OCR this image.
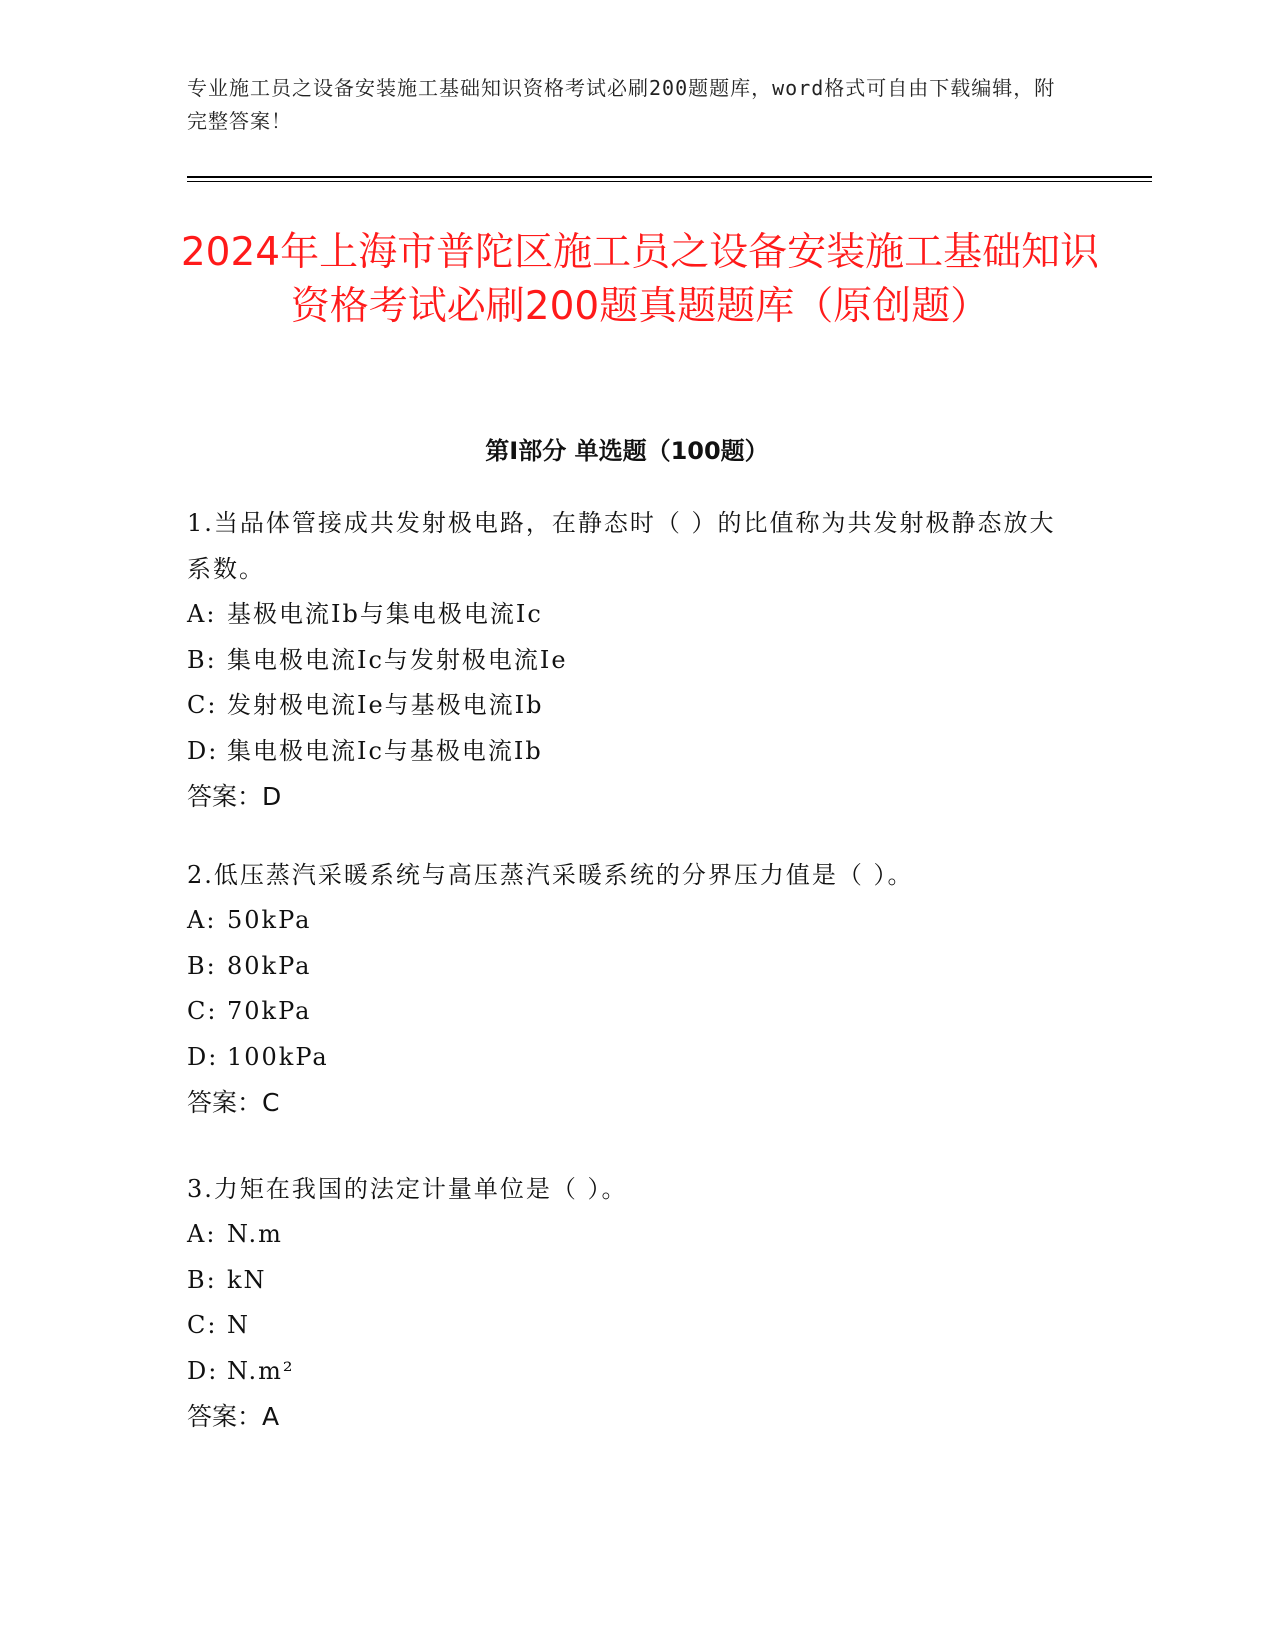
专业施工员之设备安装施工基础知识资格考试必刷200题题库，word格式可自由下载编辑，附完整答案！
2024年上海市普陀区施工员之设备安装施工基础知识资格考试必刷200题真题题库（原创题）
第Ⅰ部分 单选题（100题）

1.当品体管接成共发射极电路，在静态时（ ）的比值称为共发射极静态放大系数。

A: 基极电流Ib与集电极电流Ic

B: 集电极电流Ic与发射极电流Ie

C: 发射极电流Ie与基极电流Ib

D: 集电极电流Ic与基极电流Ib

答案：D

2.低压蒸汽采暖系统与高压蒸汽采暖系统的分界压力值是（ ）。

A: 50kPa

B: 80kPa

C: 70kPa

D: 100kPa

答案：C

3.力矩在我国的法定计量单位是（ ）。

A: N.m

B: kN

C: N

D: N.m²

答案：A
